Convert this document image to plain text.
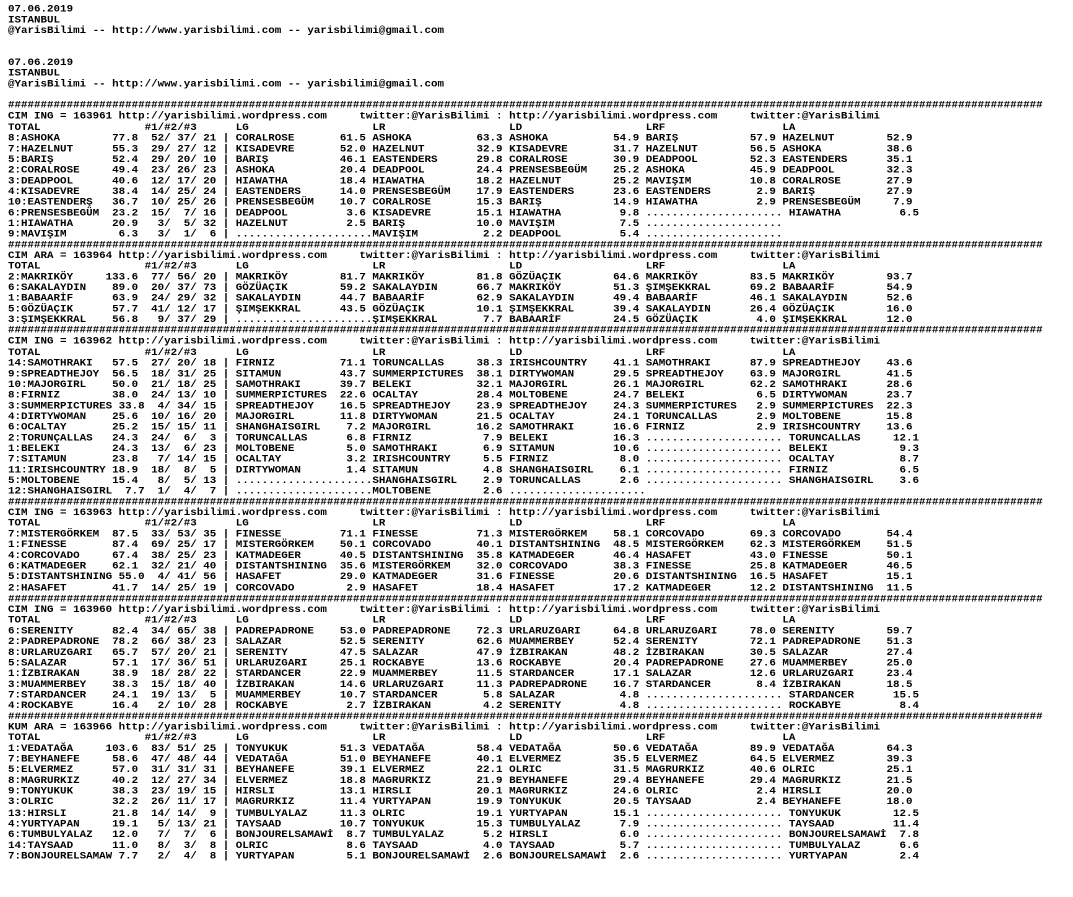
07.06.2019
ISTANBUL
@YarisBilimi -- http://www.yarisbilimi.com -- yarisbilimi@gmail.com

07.06.2019
ISTANBUL
@YarisBilimi -- http://www.yarisbilimi.com -- yarisbilimi@gmail.com

###############################################################################################################################################################
CIM ING = 163961 http://yarisbilimi.wordpress.com     twitter:@YarisBilimi : http://yarisbilimi.wordpress.com     twitter:@YarisBilimi
TOTAL                #1/#2/#3      LG                   LR                   LD                   LRF                  LA
8:ASHOKA        77.8  52/ 37/ 21 | CORALROSE       61.5 ASHOKA          63.3 ASHOKA          54.9 BARIŞ           57.9 HAZELNUT        52.9
7:HAZELNUT      55.3  29/ 27/ 12 | KISADEVRE       52.0 HAZELNUT        32.9 KISADEVRE       31.7 HAZELNUT        56.5 ASHOKA          38.6
5:BARIŞ         52.4  29/ 20/ 10 | BARIŞ           46.1 EASTENDERS      29.8 CORALROSE       30.9 DEADPOOL        52.3 EASTENDERS      35.1
2:CORALROSE     49.4  23/ 26/ 23 | ASHOKA          20.4 DEADPOOL        24.4 PRENSESBEGÜM    25.2 ASHOKA          45.9 DEADPOOL        32.3
3:DEADPOOL      40.6  12/ 17/ 20 | HIAWATHA        18.4 HIAWATHA        18.2 HAZELNUT        25.2 MAVIŞIM         10.8 CORALROSE       27.9
4:KISADEVRE     38.4  14/ 25/ 24 | EASTENDERS      14.0 PRENSESBEGÜM    17.9 EASTENDERS      23.6 EASTENDERS       2.9 BARIŞ           27.9
10:EASTENDERŞ   36.7  10/ 25/ 26 | PRENSESBEGÜM    10.7 CORALROSE       15.3 BARIŞ           14.9 HIAWATHA         2.9 PRENSESBEGÜM     7.9
6:PRENSESBEGÜM  23.2  15/  7/ 16 | DEADPOOL         3.6 KISADEVRE       15.1 HIAWATHA         9.8 ..................... HIAWATHA         6.5
1:HIAWATHA      20.9   3/  5/ 32 | HAZELNUT         2.5 BARIŞ           10.0 MAVIŞIM          7.5 .....................
9:MAVIŞIM        6.3   3/  1/  6 | .....................MAVIŞIM          2.2 DEADPOOL         5.4 .....................
###############################################################################################################################################################
CIM ARA = 163964 http://yarisbilimi.wordpress.com     twitter:@YarisBilimi : http://yarisbilimi.wordpress.com     twitter:@YarisBilimi
TOTAL                #1/#2/#3      LG                   LR                   LD                   LRF                  LA
2:MAKRIKÖY     133.6  77/ 56/ 20 | MAKRIKÖY        81.7 MAKRIKÖY        81.8 GÖZÜAÇIK        64.6 MAKRIKÖY        83.5 MAKRIKÖY        93.7
6:SAKALAYDIN    89.0  20/ 37/ 73 | GÖZÜAÇIK        59.2 SAKALAYDIN      66.7 MAKRIKÖY        51.3 ŞIMŞEKKRAL      69.2 BABAARİF        54.9
1:BABAARİF      63.9  24/ 29/ 32 | SAKALAYDIN      44.7 BABAARİF        62.9 SAKALAYDIN      49.4 BABAARİF        46.1 SAKALAYDIN      52.6
5:GÖZÜAÇIK      57.7  41/ 12/ 17 | ŞIMŞEKKRAL      43.5 GÖZÜAÇIK        10.1 ŞIMŞEKKRAL      39.4 SAKALAYDIN      26.4 GÖZÜAÇIK        16.0
3:ŞIMŞEKKRAL    56.8   9/ 37/ 29 | .....................ŞIMŞEKKRAL       7.7 BABAARİF        24.5 GÖZÜAÇIK         4.0 ŞIMŞEKKRAL      12.0
###############################################################################################################################################################
CIM ING = 163962 http://yarisbilimi.wordpress.com     twitter:@YarisBilimi : http://yarisbilimi.wordpress.com     twitter:@YarisBilimi
TOTAL                #1/#2/#3      LG                   LR                   LD                   LRF                  LA
14:SAMOTHRAKI   57.5  27/ 20/ 18 | FIRNIZ          71.1 TORUNCALLAS     38.3 IRISHCOUNTRY    41.1 SAMOTHRAKI      87.9 SPREADTHEJOY    43.6
9:SPREADTHEJOY  56.5  18/ 31/ 25 | SITAMUN         43.7 SUMMERPICTURES  38.1 DIRTYWOMAN      29.5 SPREADTHEJOY    63.9 MAJORGIRL       41.5
10:MAJORGIRL    50.0  21/ 18/ 25 | SAMOTHRAKI      39.7 BELEKI          32.1 MAJORGIRL       26.1 MAJORGIRL       62.2 SAMOTHRAKI      28.6
8:FIRNIZ        38.0  24/ 13/ 10 | SUMMERPICTURES  22.6 OCALTAY         28.4 MOLTOBENE       24.7 BELEKI           6.5 DIRTYWOMAN      23.7
3:SUMMERPICTURES 33.8  4/ 34/ 15 | SPREADTHEJOY    16.5 SPREADTHEJOY    23.9 SPREADTHEJOY    24.3 SUMMERPICTURES   2.9 SUMMERPICTURES  22.3
4:DIRTYWOMAN    25.6  10/ 16/ 20 | MAJORGIRL       11.8 DIRTYWOMAN      21.5 OCALTAY         24.1 TORUNCALLAS      2.9 MOLTOBENE       15.8
6:OCALTAY       25.2  15/ 15/ 11 | SHANGHAISGIRL    7.2 MAJORGIRL       16.2 SAMOTHRAKI      16.6 FIRNIZ           2.9 IRISHCOUNTRY    13.6
2:TORUNÇALLAS   24.3  24/  6/  3 | TORUNCALLAS      6.8 FIRNIZ           7.9 BELEKI          16.3 ..................... TORUNCALLAS     12.1
1:BELEKI        24.3  13/  6/ 23 | MOLTOBENE        5.0 SAMOTHRAKI       6.9 SITAMUN         10.6 ..................... BELEKI           9.3
7:SITAMUN       23.8   7/ 14/ 15 | OCALTAY          3.2 IRISHCOUNTRY     5.5 FIRNIZ           8.0 ..................... OCALTAY          8.7
11:IRISHCOUNTRY 18.9  18/  8/  5 | DIRTYWOMAN       1.4 SITAMUN          4.8 SHANGHAISGIRL    6.1 ..................... FIRNIZ           6.5
5:MOLTOBENE     15.4   8/  5/ 13 | .....................SHANGHAISGIRL    2.9 TORUNCALLAS      2.6 ..................... SHANGHAISGIRL    3.6
12:SHANGHAISGIRL  7.7  1/  4/  7 | .....................MOLTOBENE        2.6 .....................
###############################################################################################################################################################
CIM ING = 163963 http://yarisbilimi.wordpress.com     twitter:@YarisBilimi : http://yarisbilimi.wordpress.com     twitter:@YarisBilimi
TOTAL                #1/#2/#3      LG                   LR                   LD                   LRF                  LA
7:MISTERGÖRKEM  87.5  33/ 53/ 35 | FINESSE         71.1 FINESSE         71.3 MISTERGÖRKEM    58.1 CORCOVADO       69.3 CORCOVADO       54.4
1:FINESSE       87.4  69/ 25/ 17 | MISTERGÖRKEM    50.1 CORCOVADO       40.1 DISTANTSHINING  48.5 MISTERGÖRKEM    62.3 MISTERGÖRKEM    51.5
4:CORCOVADO     67.4  38/ 25/ 23 | KATMADEGER      40.5 DISTANTSHINING  35.8 KATMADEGER      46.4 HASAFET         43.0 FINESSE         50.1
6:KATMADEGER    62.1  32/ 21/ 40 | DISTANTSHINING  35.6 MISTERGÖRKEM    32.0 CORCOVADO       38.3 FINESSE         25.8 KATMADEGER      46.5
5:DISTANTSHINING 55.0  4/ 41/ 56 | HASAFET         29.0 KATMADEGER      31.6 FINESSE         20.6 DISTANTSHINING  16.5 HASAFET         15.1
2:HASAFET       41.7  14/ 25/ 19 | CORCOVADO        2.9 HASAFET         18.4 HASAFET         17.2 KATMADEGER      12.2 DISTANTSHINING  11.5
###############################################################################################################################################################
CIM ING = 163960 http://yarisbilimi.wordpress.com     twitter:@YarisBilimi : http://yarisbilimi.wordpress.com     twitter:@YarisBilimi
TOTAL                #1/#2/#3      LG                   LR                   LD                   LRF                  LA
6:SERENITY      82.4  34/ 65/ 38 | PADREPADRONE    53.0 PADREPADRONE    72.3 URLARUZGARI     64.8 URLARUZGARI     78.0 SERENITY        59.7
2:PADREPADRONE  78.2  66/ 38/ 23 | SALAZAR         52.5 SERENITY        62.6 MUAMMERBEY      52.4 SERENITY        72.1 PADREPADRONE    51.3
8:URLARUZGARI   65.7  57/ 20/ 21 | SERENITY        47.5 SALAZAR         47.9 İZBIRAKAN       48.2 İZBIRAKAN       30.5 SALAZAR         27.4
5:SALAZAR       57.1  17/ 36/ 51 | URLARUZGARI     25.1 ROCKABYE        13.6 ROCKABYE        20.4 PADREPADRONE    27.6 MUAMMERBEY      25.0
1:İZBIRAKAN     38.9  18/ 28/ 22 | STARDANCER      22.9 MUAMMERBEY      11.5 STARDANCER      17.1 SALAZAR         12.6 URLARUZGARI     23.4
3:MUAMMERBEY    38.3  15/ 18/ 40 | İZBIRAKAN       14.6 URLARUZGARI     11.3 PADREPADRONE    16.7 STARDANCER       8.4 İZBIRAKAN       18.5
7:STARDANCER    24.1  19/ 13/  5 | MUAMMERBEY      10.7 STARDANCER       5.8 SALAZAR          4.8 ..................... STARDANCER      15.5
4:ROCKABYE      16.4   2/ 10/ 28 | ROCKABYE         2.7 İZBIRAKAN        4.2 SERENITY         4.8 ..................... ROCKABYE         8.4
###############################################################################################################################################################
KUM ARA = 163966 http://yarisbilimi.wordpress.com     twitter:@YarisBilimi : http://yarisbilimi.wordpress.com     twitter:@YarisBilimi
TOTAL                #1/#2/#3      LG                   LR                   LD                   LRF                  LA
1:VEDATAĞA     103.6  83/ 51/ 25 | TONYUKUK        51.3 VEDATAĞA        58.4 VEDATAĞA        50.6 VEDATAĞA        89.9 VEDATAĞA        64.3
7:BEYHANEFE     58.6  47/ 48/ 44 | VEDATAĞA        51.0 BEYHANEFE       40.1 ELVERMEZ        35.5 ELVERMEZ        64.5 ELVERMEZ        39.3
5:ELVERMEZ      57.0  31/ 31/ 31 | BEYHANEFE       39.1 ELVERMEZ        22.1 OLRIC           31.5 MAGRURKIZ       40.6 OLRIC           25.1
8:MAGRURKIZ     40.2  12/ 27/ 34 | ELVERMEZ        18.8 MAGRURKIZ       21.9 BEYHANEFE       29.4 BEYHANEFE       29.4 MAGRURKIZ       21.5
9:TONYUKUK      38.3  23/ 19/ 15 | HIRSLI          13.1 HIRSLI          20.1 MAGRURKIZ       24.6 OLRIC            2.4 HIRSLI          20.0
3:OLRIC         32.2  26/ 11/ 17 | MAGRURKIZ       11.4 YURTYAPAN       19.9 TONYUKUK        20.5 TAYSAAD          2.4 BEYHANEFE       18.0
13:HIRSLI       21.8  14/ 14/  9 | TUMBULYALAZ     11.3 OLRIC           19.1 YURTYAPAN       15.1 ..................... TONYUKUK        12.5
4:YURTYAPAN     19.1   5/ 13/ 21 | TAYSAAD         10.7 TONYUKUK        15.3 TUMBULYALAZ      7.9 ..................... TAYSAAD         11.4
6:TUMBULYALAZ   12.0   7/  7/  6 | BONJOURELSAMAWİ  8.7 TUMBULYALAZ      5.2 HIRSLI           6.0 ..................... BONJOURELSAMAWİ  7.8
14:TAYSAAD      11.0   8/  3/  8 | OLRIC            8.6 TAYSAAD          4.0 TAYSAAD          5.7 ..................... TUMBULYALAZ      6.6
7:BONJOURELSAMAW 7.7   2/  4/  8 | YURTYAPAN        5.1 BONJOURELSAMAWİ  2.6 BONJOURELSAMAWİ  2.6 ..................... YURTYAPAN        2.4
